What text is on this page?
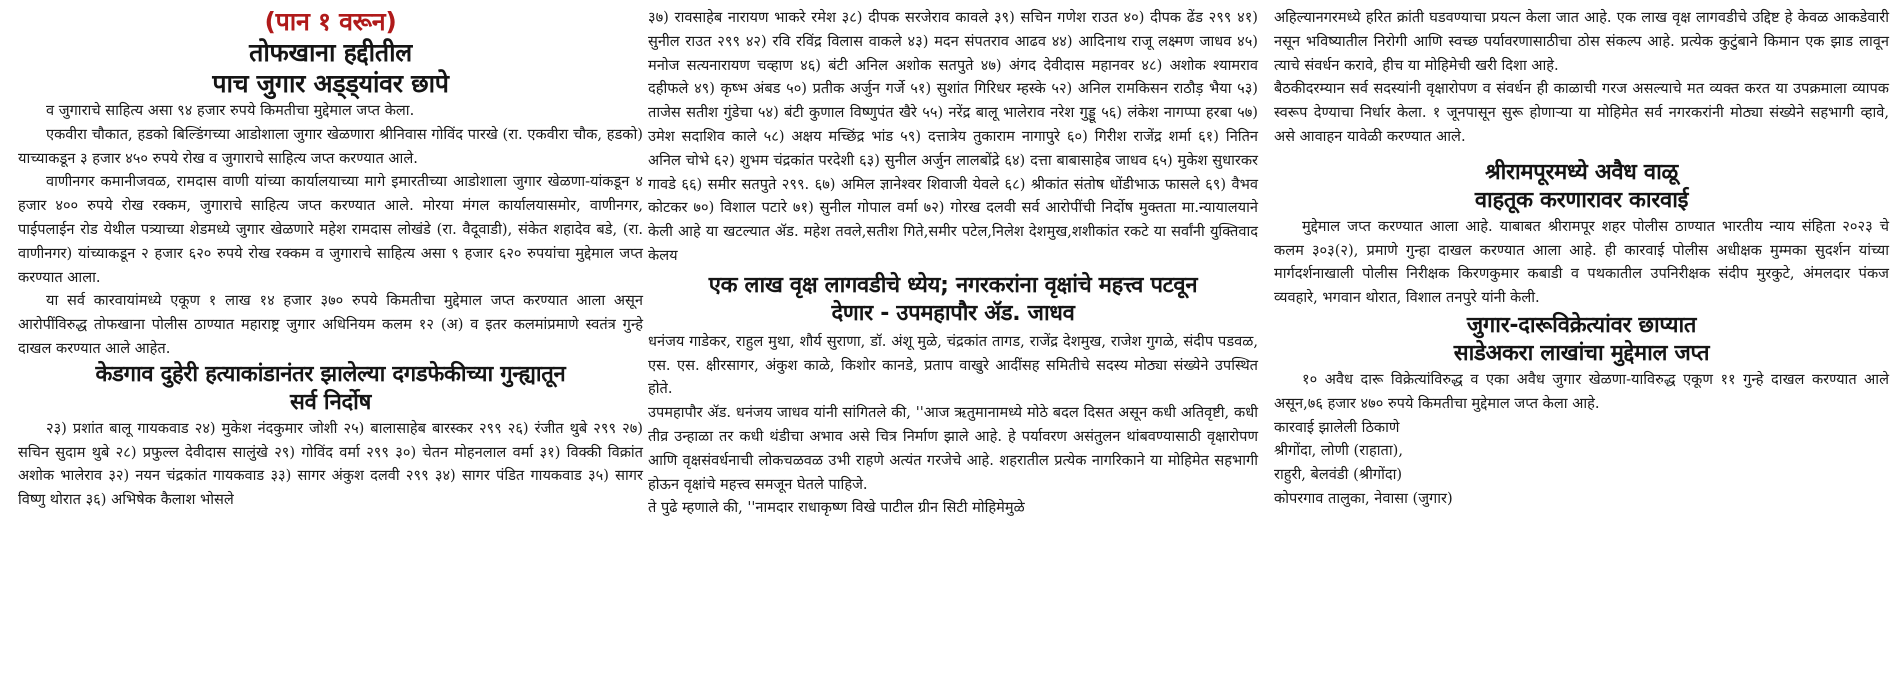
(पान १ वरून)
तोफखाना हद्दीतील
पाच जुगार अड्ड्यांवर छापे

व जुगाराचे साहित्य असा ९४ हजार रुपये किमतीचा मुद्देमाल जप्त केला.

एकवीरा चौकात, हडको बिल्डिंगच्या आडोशाला जुगार खेळणारा श्रीनिवास गोविंद पारखे (रा. एकवीरा चौक, हडको) याच्याकडून ३ हजार ४५० रुपये रोख व जुगाराचे साहित्य जप्त करण्यात आले.

वाणीनगर कमानीजवळ, रामदास वाणी यांच्या कार्यालयाच्या मागे इमारतीच्या आडोशाला जुगार खेळणा-यांकडून ४ हजार ४०० रुपये रोख रक्कम, जुगाराचे साहित्य जप्त करण्यात आले. मोरया मंगल कार्यालयासमोर, वाणीनगर, पाईपलाईन रोड येथील पत्र्याच्या शेडमध्ये जुगार खेळणारे महेश रामदास लोखंडे (रा. वैदूवाडी), संकेत शहादेव बडे, (रा. वाणीनगर) यांच्याकडून २ हजार ६२० रुपये रोख रक्कम व जुगाराचे साहित्य असा ९ हजार ६२० रुपयांचा मुद्देमाल जप्त करण्यात आला.

या सर्व कारवायांमध्ये एकूण १ लाख १४ हजार ३७० रुपये किमतीचा मुद्देमाल जप्त करण्यात आला असून आरोपींविरुद्ध तोफखाना पोलीस ठाण्यात महाराष्ट्र जुगार अधिनियम कलम १२ (अ) व इतर कलमांप्रमाणे स्वतंत्र गुन्हे दाखल करण्यात आले आहेत.

केडगाव दुहेरी हत्याकांडानंतर झालेल्या दगडफेकीच्या गुन्ह्यातून
सर्व निर्दोष

२३) प्रशांत बालू गायकवाड २४) मुकेश नंदकुमार जोशी २५) बालासाहेब बारस्कर २९९ २६) रंजीत थुबे २९९ २७) सचिन सुदाम थुबे २८) प्रफुल्ल देवीदास सालुंखे २९) गोविंद वर्मा २९९ ३०) चेतन मोहनलाल वर्मा ३१) विक्की विक्रांत अशोक भालेराव ३२) नयन चंद्रकांत गायकवाड ३३) सागर अंकुश दलवी २९९ ३४) सागर पंडित गायकवाड ३५) सागर विष्णु थोरात ३६) अभिषेक कैलाश भोसले

३७) रावसाहेब नारायण भाकरे रमेश ३८) दीपक सरजेराव कावले ३९) सचिन गणेश राउत ४०) दीपक ढेंड २९९ ४१) सुनील राउत २९९ ४२) रवि रविंद्र विलास वाकले ४३) मदन संपतराव आढव ४४) आदिनाथ राजू लक्ष्मण जाधव ४५) मनोज सत्यनारायण चव्हाण ४६) बंटी अनिल अशोक सतपुते ४७) अंगद देवीदास महानवर ४८) अशोक श्यामराव दहीफले ४९) कृष्भ अंबड ५०) प्रतीक अर्जुन गर्जे ५१) सुशांत गिरिधर म्हस्के ५२) अनिल रामकिसन राठौड़ भैया ५३) ताजेस सतीश गुंडेचा ५४) बंटी कुणाल विष्णुपंत खैरे ५५) नरेंद्र बालू भालेराव नरेश गुड्डू ५६) लंकेश नागप्पा हरबा ५७) उमेश सदाशिव काले ५८) अक्षय मच्छिंद्र भांड ५९) दत्तात्रेय तुकाराम नागापुरे ६०) गिरीश राजेंद्र शर्मा ६१) नितिन अनिल चोभे ६२) शुभम चंद्रकांत परदेशी ६३) सुनील अर्जुन लालबोंद्रे ६४) दत्ता बाबासाहेब जाधव ६५) मुकेश सुधारकर गावडे ६६) समीर सतपुते २९९. ६७) अमिल ज्ञानेश्वर शिवाजी येवले ६८) श्रीकांत संतोष धोंडीभाऊ फासले ६९) वैभव कोटकर ७०) विशाल पटारे ७१) सुनील गोपाल वर्मा ७२) गोरख दलवी सर्व आरोपींची निर्दोष मुक्तता मा.न्यायालयाने केली आहे या खटल्यात ॲड. महेश तवले,सतीश गिते,समीर पटेल,निलेश देशमुख,शशीकांत रकटे या सर्वांनी युक्तिवाद केलय

एक लाख वृक्ष लागवडीचे ध्येय; नगरकरांना वृक्षांचे महत्त्व पटवून
देणार - उपमहापौर ॲड. जाधव

धनंजय गाडेकर, राहुल मुथा, शौर्य सुराणा, डॉ. अंशू मुळे, चंद्रकांत तागड, राजेंद्र देशमुख, राजेश गुगळे, संदीप पडवळ, एस. एस. क्षीरसागर, अंकुश काळे, किशोर कानडे, प्रताप वाखुरे आदींसह समितीचे सदस्य मोठ्या संख्येने उपस्थित होते.

उपमहापौर ॲड. धनंजय जाधव यांनी सांगितले की, ''आज ऋतुमानामध्ये मोठे बदल दिसत असून कधी अतिवृष्टी, कधी तीव्र उन्हाळा तर कधी थंडीचा अभाव असे चित्र निर्माण झाले आहे. हे पर्यावरण असंतुलन थांबवण्यासाठी वृक्षारोपण आणि वृक्षसंवर्धनाची लोकचळवळ उभी राहणे अत्यंत गरजेचे आहे. शहरातील प्रत्येक नागरिकाने या मोहिमेत सहभागी होऊन वृक्षांचे महत्त्व समजून घेतले पाहिजे.

ते पुढे म्हणाले की, ''नामदार राधाकृष्ण विखे पाटील ग्रीन सिटी मोहिमेमुळे

अहिल्यानगरमध्ये हरित क्रांती घडवण्याचा प्रयत्न केला जात आहे. एक लाख वृक्ष लागवडीचे उद्दिष्ट हे केवळ आकडेवारी नसून भविष्यातील निरोगी आणि स्वच्छ पर्यावरणासाठीचा ठोस संकल्प आहे. प्रत्येक कुटुंबाने किमान एक झाड लावून त्याचे संवर्धन करावे, हीच या मोहिमेची खरी दिशा आहे.

बैठकीदरम्यान सर्व सदस्यांनी वृक्षारोपण व संवर्धन ही काळाची गरज असल्याचे मत व्यक्त करत या उपक्रमाला व्यापक स्वरूप देण्याचा निर्धार केला. १ जूनपासून सुरू होणाऱ्या या मोहिमेत सर्व नगरकरांनी मोठ्या संख्येने सहभागी व्हावे, असे आवाहन यावेळी करण्यात आले.

श्रीरामपूरमध्ये अवैध वाळू
वाहतूक करणारावर कारवाई

मुद्देमाल जप्त करण्यात आला आहे. याबाबत श्रीरामपूर शहर पोलीस ठाण्यात भारतीय न्याय संहिता २०२३ चे कलम ३०३(२), प्रमाणे गुन्हा दाखल करण्यात आला आहे. ही कारवाई पोलीस अधीक्षक मुम्मका सुदर्शन यांच्या मार्गदर्शनाखाली पोलीस निरीक्षक किरणकुमार कबाडी व पथकातील उपनिरीक्षक संदीप मुरकुटे, अंमलदार पंकज व्यवहारे, भगवान थोरात, विशाल तनपुरे यांनी केली.

जुगार-दारूविक्रेत्यांवर छाप्यात
साडेअकरा लाखांचा मुद्देमाल जप्त

१० अवैध दारू विक्रेत्यांविरुद्ध व एका अवैध जुगार खेळणा-याविरुद्ध एकूण ११ गुन्हे दाखल करण्यात आले असून,७६ हजार ४७० रुपये किमतीचा मुद्देमाल जप्त केला आहे.

कारवाई झालेली ठिकाणे

श्रीगोंदा, लोणी (राहाता),

राहुरी, बेलवंडी (श्रीगोंदा)

कोपरगाव तालुका, नेवासा (जुगार)
